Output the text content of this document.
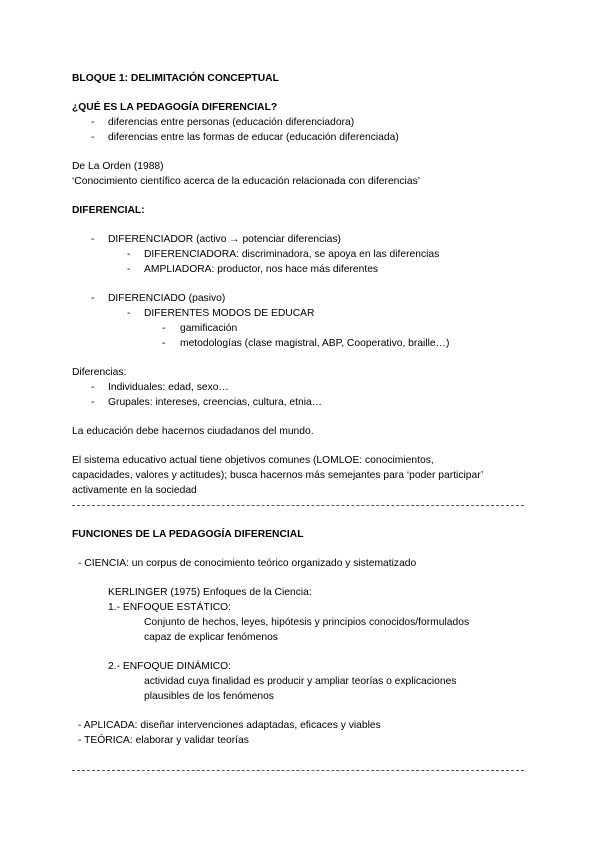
BLOQUE 1: DELIMITACIÓN CONCEPTUAL
¿QUÉ ES LA PEDAGOGÍA DIFERENCIAL?
- diferencias entre personas (educación diferenciadora)
- diferencias entre las formas de educar (educación diferenciada)
De La Orden (1988)
‘Conocimiento científico acerca de la educación relacionada con diferencias’
DIFERENCIAL:
- DIFERENCIADOR (activo → potenciar diferencias)
- DIFERENCIADORA: discriminadora, se apoya en las diferencias
- AMPLIADORA: productor, nos hace más diferentes
- DIFERENCIADO (pasivo)
- DIFERENTES MODOS DE EDUCAR
- gamificación
- metodologías (clase magistral, ABP, Cooperativo, braille…)
Diferencias:
- Individuales: edad, sexo…
- Grupales: intereses, creencias, cultura, etnia…
La educación debe hacernos ciudadanos del mundo.
El sistema educativo actual tiene objetivos comunes (LOMLOE: conocimientos,
capacidades, valores y actitudes); busca hacernos más semejantes para ‘poder participar’
activamente en la sociedad
FUNCIONES DE LA PEDAGOGÍA DIFERENCIAL
- CIENCIA: un corpus de conocimiento teórico organizado y sistematizado
KERLINGER (1975) Enfoques de la Ciencia:
1.- ENFOQUE ESTÁTICO:
Conjunto de hechos, leyes, hipótesis y principios conocidos/formulados
capaz de explicar fenómenos
2.- ENFOQUE DINÁMICO:
actividad cuya finalidad es producir y ampliar teorías o explicaciones
plausibles de los fenómenos
- APLICADA: diseñar intervenciones adaptadas, eficaces y viables
- TEÓRICA: elaborar y validar teorías
